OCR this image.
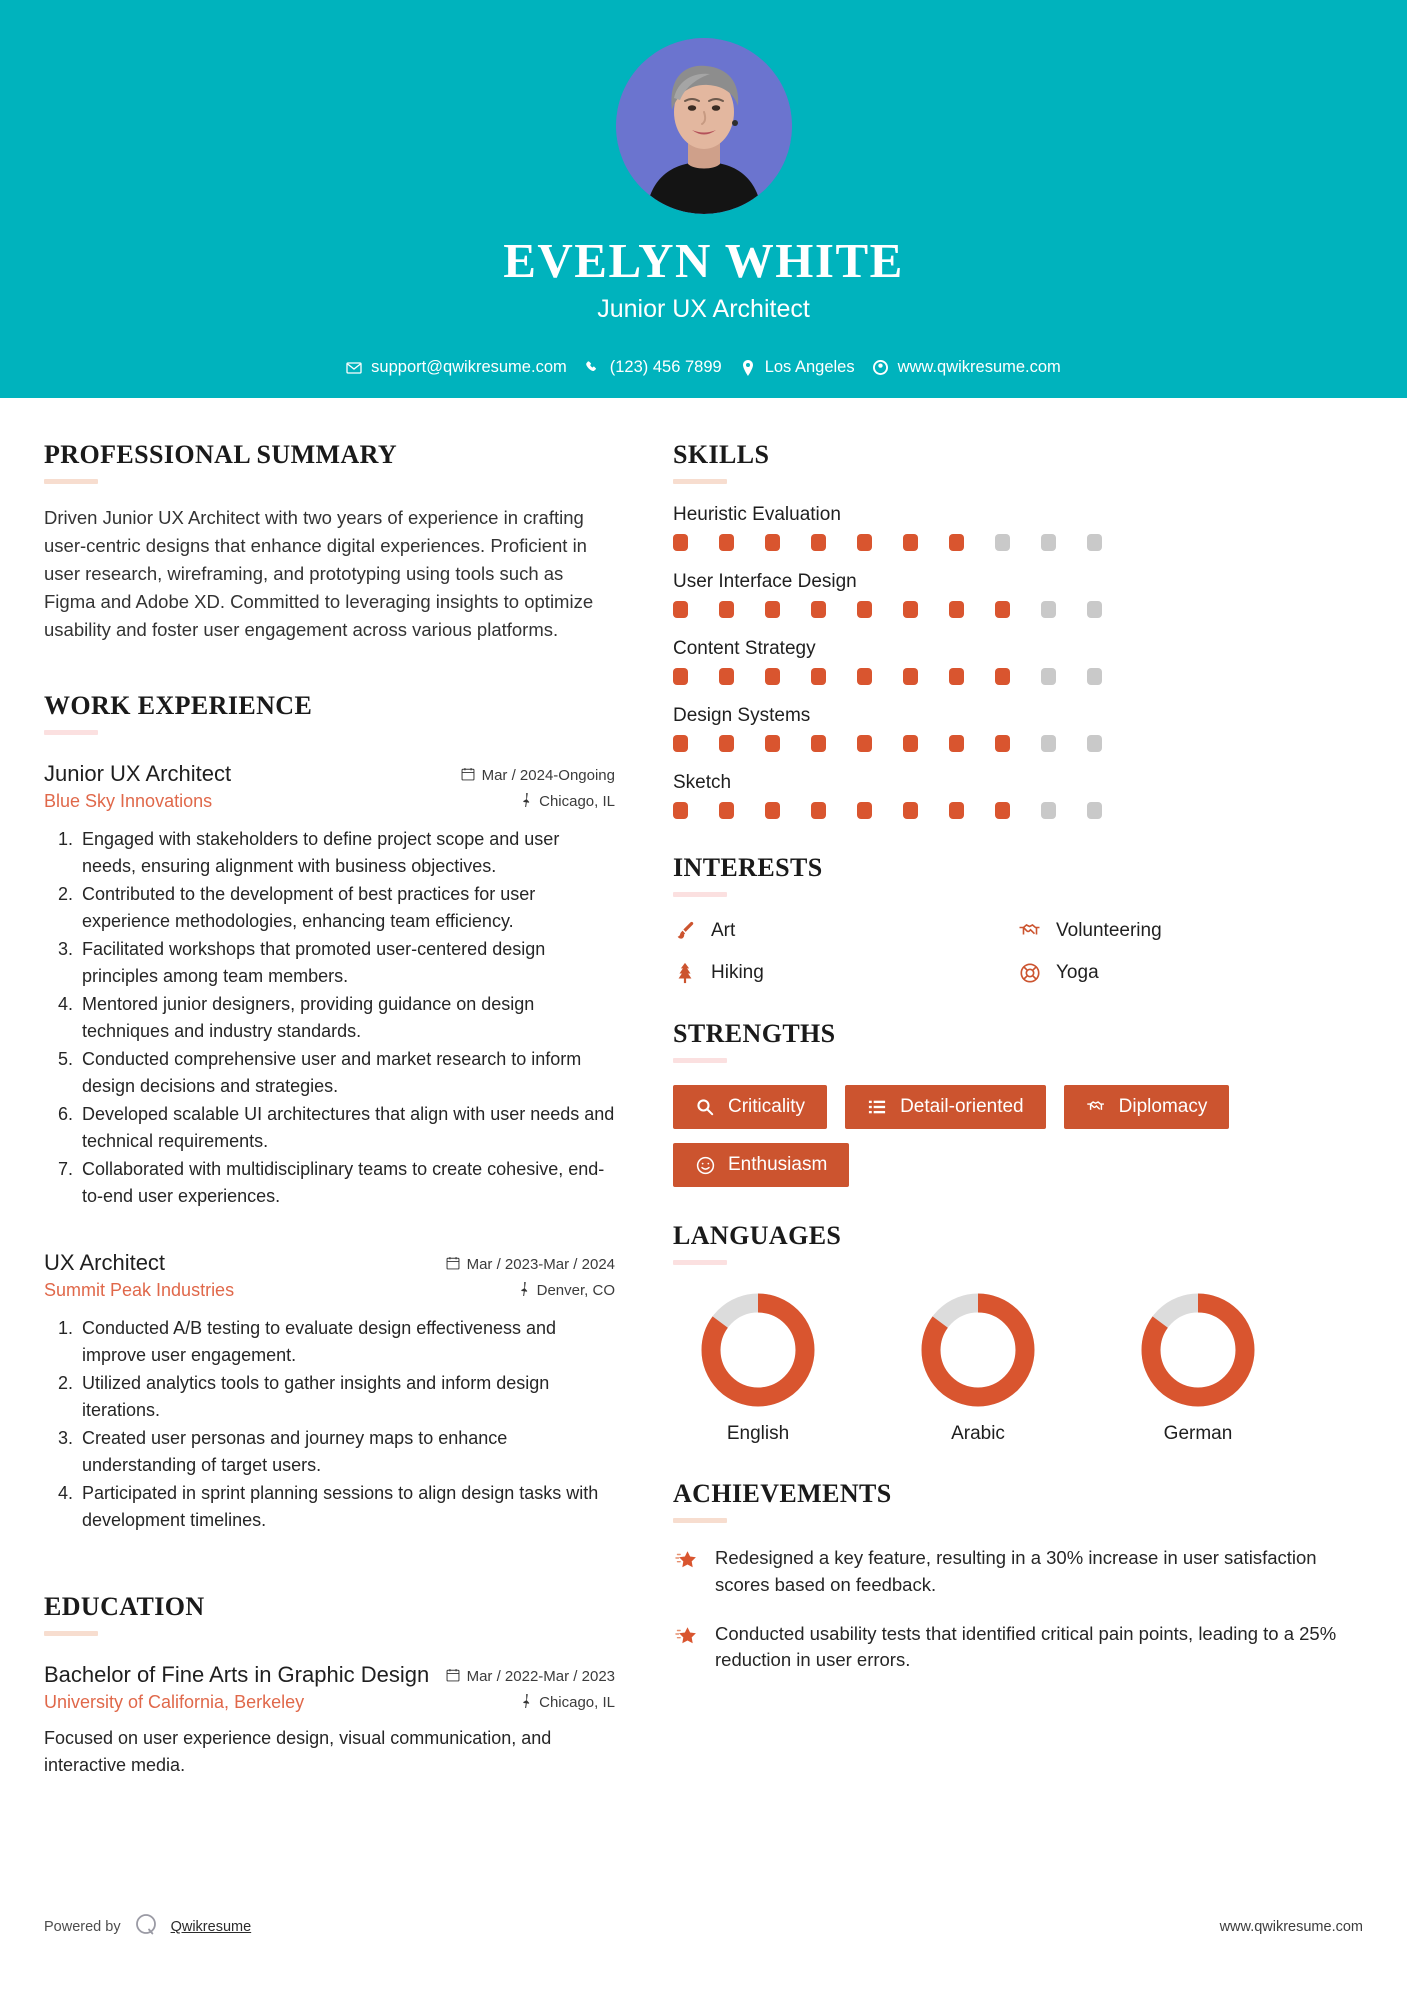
EVELYN WHITE
Junior UX Architect
support@qwikresume.com	(123) 456 7899	Los Angeles	www.qwikresume.com
PROFESSIONAL SUMMARY

Driven Junior UX Architect with two years of experience in crafting user-centric designs that enhance digital experiences. Proficient in user research, wireframing, and prototyping using tools such as Figma and Adobe XD. Committed to leveraging insights to optimize usability and foster user engagement across various platforms.

WORK EXPERIENCE
Junior UX Architect	Mar / 2024-Ongoing
Blue Sky Innovations	Chicago, IL
1. Engaged with stakeholders to define project scope and user needs, ensuring alignment with business objectives.
2. Contributed to the development of best practices for user experience methodologies, enhancing team efficiency.
3. Facilitated workshops that promoted user-centered design principles among team members.
4. Mentored junior designers, providing guidance on design techniques and industry standards.
5. Conducted comprehensive user and market research to inform design decisions and strategies.
6. Developed scalable UI architectures that align with user needs and technical requirements.
7. Collaborated with multidisciplinary teams to create cohesive, end-to-end user experiences.
UX Architect	Mar / 2023-Mar / 2024
Summit Peak Industries	Denver, CO
1. Conducted A/B testing to evaluate design effectiveness and improve user engagement.
2. Utilized analytics tools to gather insights and inform design iterations.
3. Created user personas and journey maps to enhance understanding of target users.
4. Participated in sprint planning sessions to align design tasks with development timelines.
EDUCATION
Bachelor of Fine Arts in Graphic Design Mar / 2022-Mar / 2023
University of California, Berkeley	Chicago, IL

Focused on user experience design, visual communication, and interactive media.

SKILLS
Heuristic Evaluation
User Interface Design
Content Strategy
Design Systems
Sketch
INTERESTS
Art	Volunteering
Hiking	Yoga
STRENGTHS
Criticality	Detail-oriented	Diplomacy
Enthusiasm
LANGUAGES
English	Arabic	German
ACHIEVEMENTS
Redesigned a key feature, resulting in a 30% increase in user satisfaction scores based on feedback.
Conducted usability tests that identified critical pain points, leading to a 25% reduction in user errors.
Powered by	Qwikresume	www.qwikresume.com
